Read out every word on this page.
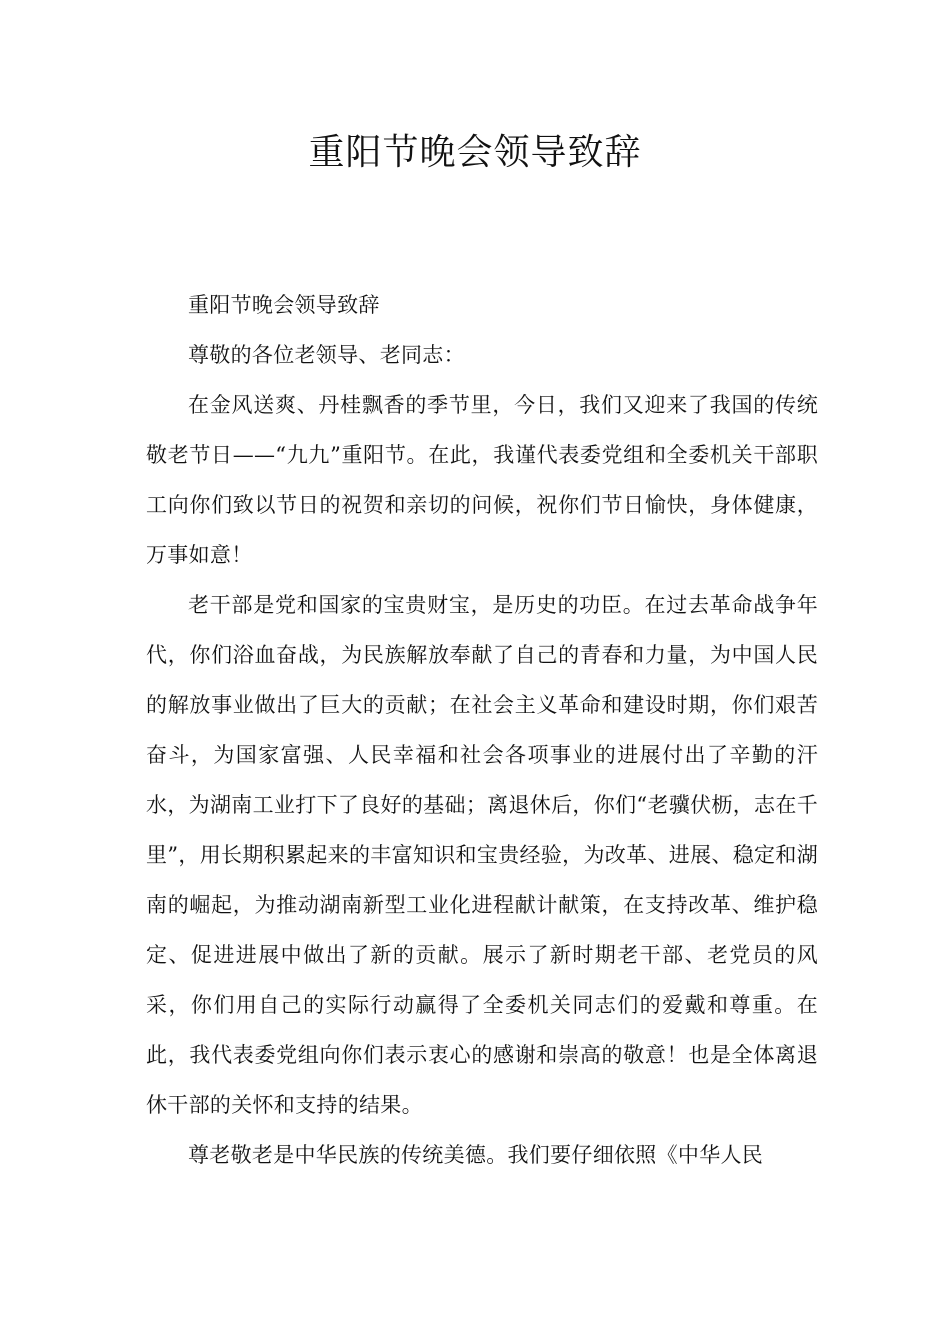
重阳节晚会领导致辞

重阳节晚会领导致辞

尊敬的各位老领导、老同志：

在金风送爽、丹桂飘香的季节里，今日，我们又迎来了我国的传统敬老节日——“九九”重阳节。在此，我谨代表委党组和全委机关干部职工向你们致以节日的祝贺和亲切的问候，祝你们节日愉快，身体健康，万事如意！

老干部是党和国家的宝贵财宝，是历史的功臣。在过去革命战争年代，你们浴血奋战，为民族解放奉献了自己的青春和力量，为中国人民的解放事业做出了巨大的贡献；在社会主义革命和建设时期，你们艰苦奋斗，为国家富强、人民幸福和社会各项事业的进展付出了辛勤的汗水，为湖南工业打下了良好的基础；离退休后，你们“老骥伏枥，志在千里”，用长期积累起来的丰富知识和宝贵经验，为改革、进展、稳定和湖南的崛起，为推动湖南新型工业化进程献计献策，在支持改革、维护稳定、促进进展中做出了新的贡献。展示了新时期老干部、老党员的风采，你们用自己的实际行动赢得了全委机关同志们的爱戴和尊重。在此，我代表委党组向你们表示衷心的感谢和崇高的敬意！也是全体离退休干部的关怀和支持的结果。

尊老敬老是中华民族的传统美德。我们要仔细依照《中华人民
